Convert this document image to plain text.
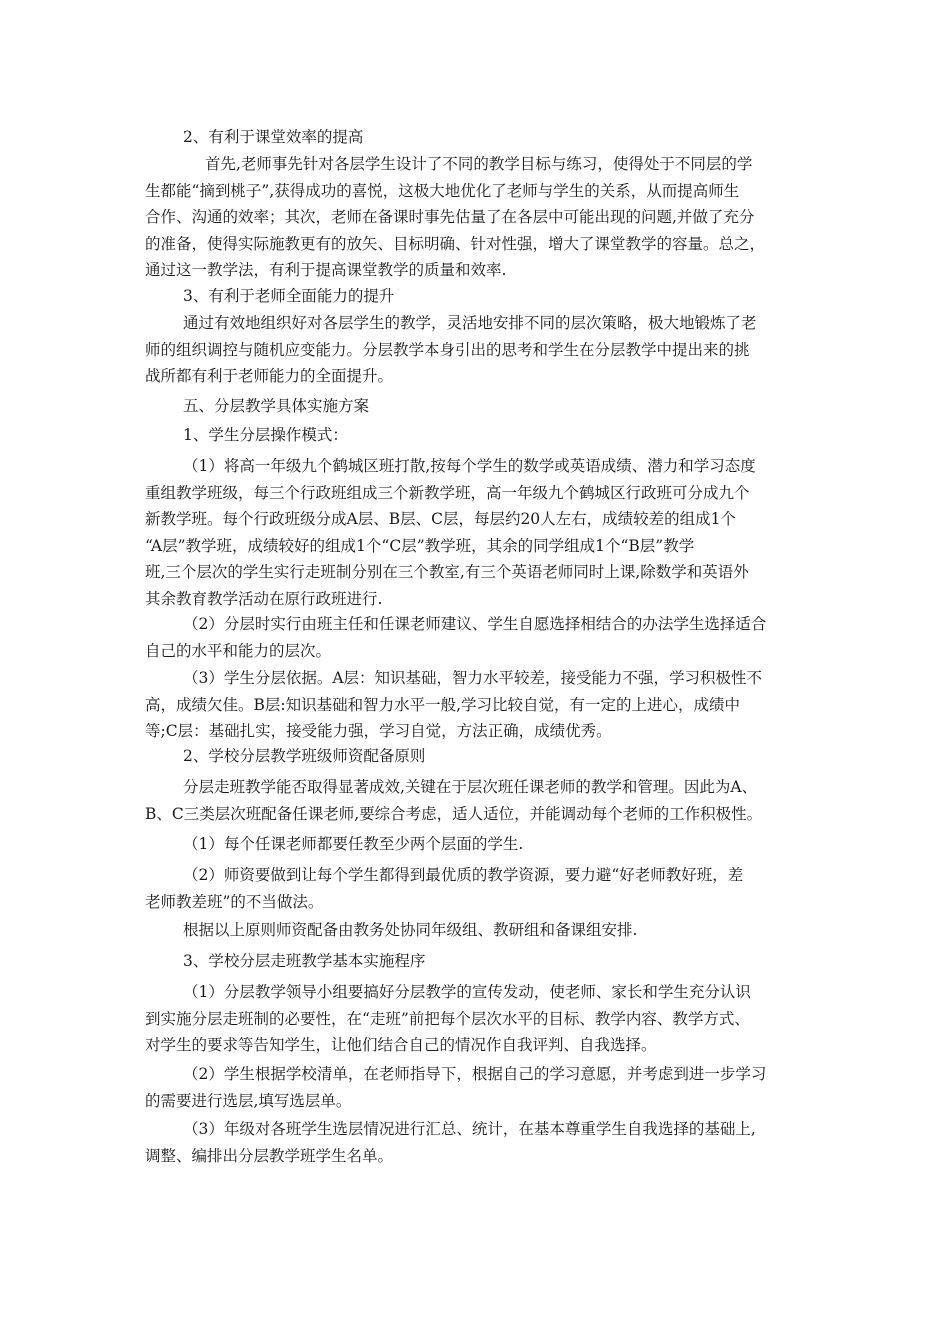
2、有利于课堂效率的提高
首先,老师事先针对各层学生设计了不同的教学目标与练习，使得处于不同层的学
生都能“摘到桃子”,获得成功的喜悦，这极大地优化了老师与学生的关系，从而提高师生
合作、沟通的效率；其次，老师在备课时事先估量了在各层中可能出现的问题,并做了充分
的准备，使得实际施教更有的放矢、目标明确、针对性强，增大了课堂教学的容量。总之，
通过这一教学法，有利于提高课堂教学的质量和效率.
3、有利于老师全面能力的提升
通过有效地组织好对各层学生的教学，灵活地安排不同的层次策略，极大地锻炼了老
师的组织调控与随机应变能力。分层教学本身引出的思考和学生在分层教学中提出来的挑
战所都有利于老师能力的全面提升。
五、分层教学具体实施方案
1、学生分层操作模式：
（1）将高一年级九个鹤城区班打散,按每个学生的数学或英语成绩、潜力和学习态度
重组教学班级，每三个行政班组成三个新教学班，高一年级九个鹤城区行政班可分成九个
新教学班。每个行政班级分成A层、B层、C层，每层约20人左右，成绩较差的组成1个
“A层”教学班，成绩较好的组成1个“C层”教学班，其余的同学组成1个“B层”教学
班,三个层次的学生实行走班制分别在三个教室,有三个英语老师同时上课,除数学和英语外
其余教育教学活动在原行政班进行.
（2）分层时实行由班主任和任课老师建议、学生自愿选择相结合的办法学生选择适合
自己的水平和能力的层次。
（3）学生分层依据。A层：知识基础，智力水平较差，接受能力不强，学习积极性不
高，成绩欠佳。B层:知识基础和智力水平一般,学习比较自觉，有一定的上进心，成绩中
等;C层：基础扎实，接受能力强，学习自觉，方法正确，成绩优秀。
2、学校分层教学班级师资配备原则
分层走班教学能否取得显著成效,关键在于层次班任课老师的教学和管理。因此为A、
B、C三类层次班配备任课老师,要综合考虑，适人适位，并能调动每个老师的工作积极性。
（1）每个任课老师都要任教至少两个层面的学生.
（2）师资要做到让每个学生都得到最优质的教学资源，要力避“好老师教好班，差
老师教差班”的不当做法。
根据以上原则师资配备由教务处协同年级组、教研组和备课组安排.
3、学校分层走班教学基本实施程序
（1）分层教学领导小组要搞好分层教学的宣传发动，使老师、家长和学生充分认识
到实施分层走班制的必要性，在“走班”前把每个层次水平的目标、教学内容、教学方式、
对学生的要求等告知学生，让他们结合自己的情况作自我评判、自我选择。
（2）学生根据学校清单，在老师指导下，根据自己的学习意愿，并考虑到进一步学习
的需要进行选层,填写选层单。
（3）年级对各班学生选层情况进行汇总、统计，在基本尊重学生自我选择的基础上,
调整、编排出分层教学班学生名单。
